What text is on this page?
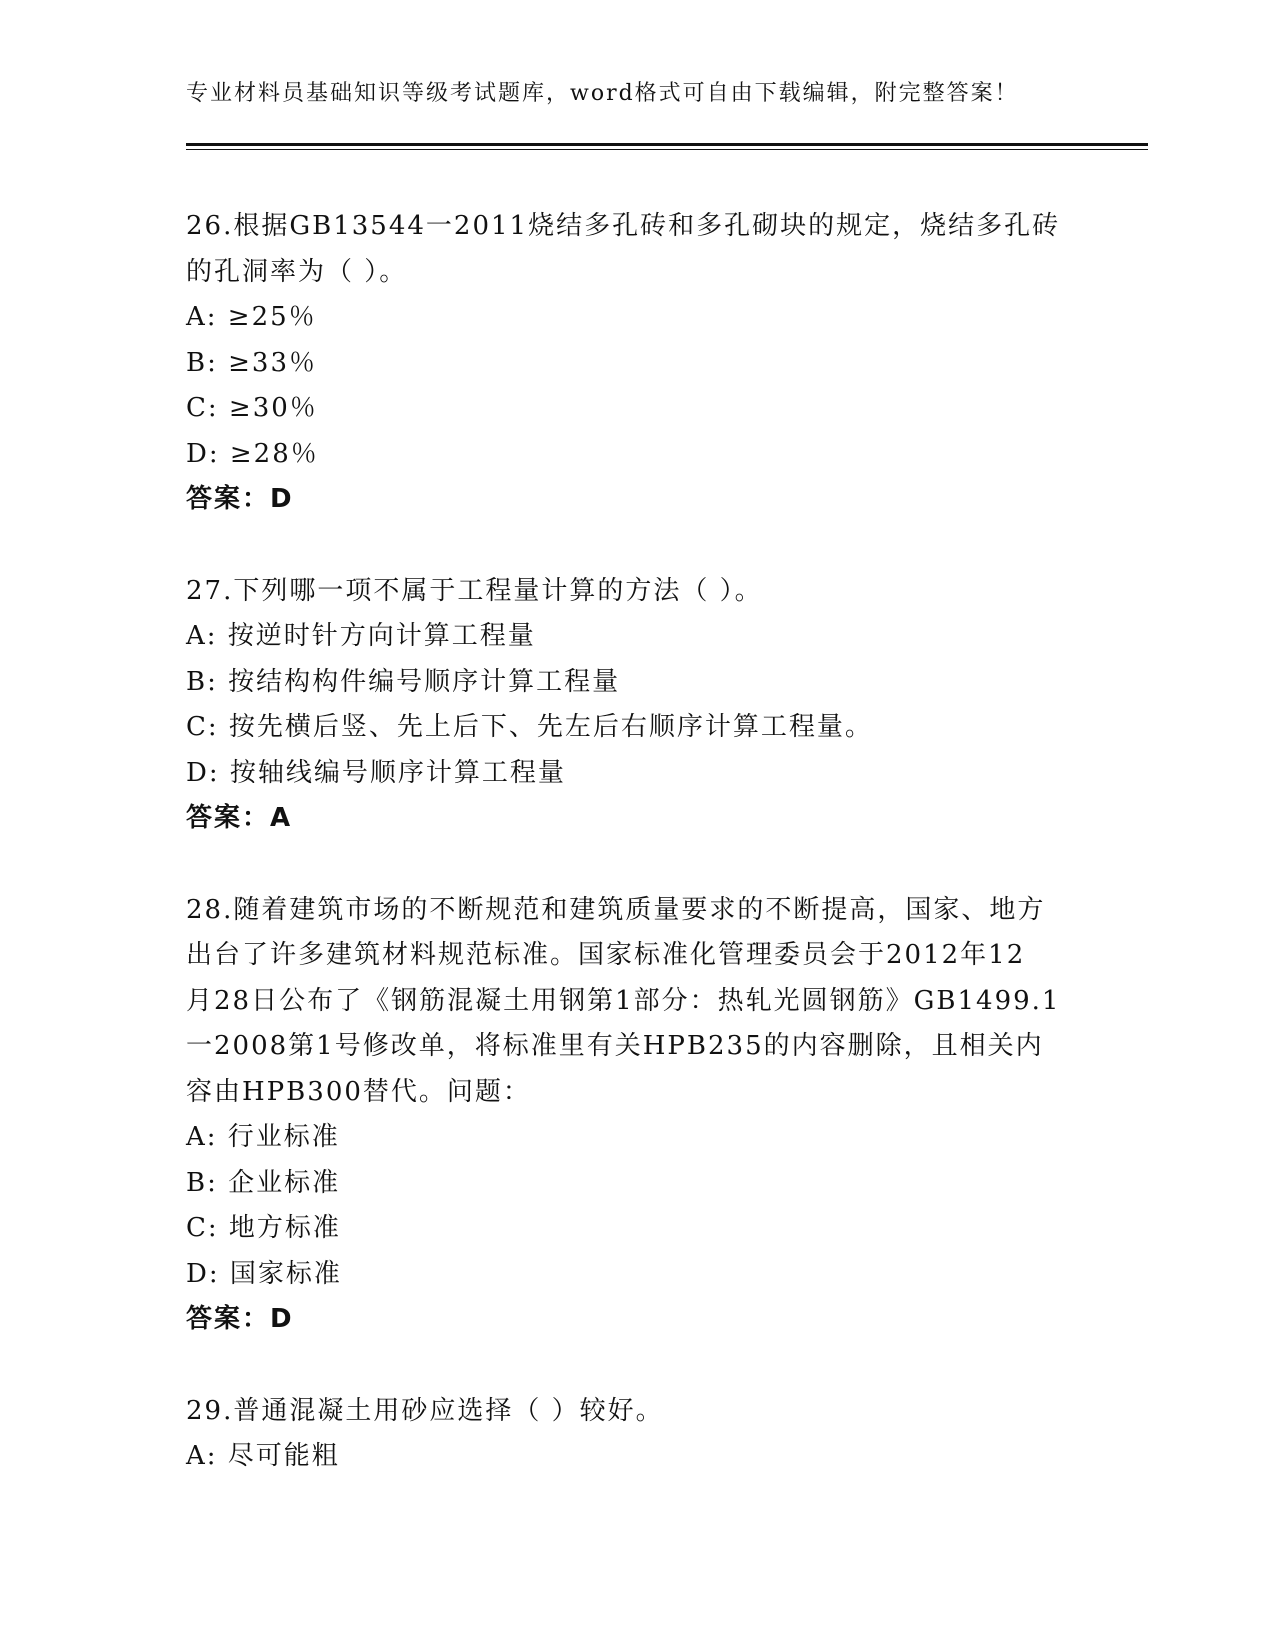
专业材料员基础知识等级考试题库，word格式可自由下载编辑，附完整答案！
26.根据GB13544一2011烧结多孔砖和多孔砌块的规定，烧结多孔砖
的孔洞率为（ ）。
A: ≥25％
B: ≥33％
C: ≥30％
D: ≥28％
答案：D
27.下列哪一项不属于工程量计算的方法（ ）。
A: 按逆时针方向计算工程量
B: 按结构构件编号顺序计算工程量
C: 按先横后竖、先上后下、先左后右顺序计算工程量。
D: 按轴线编号顺序计算工程量
答案：A
28.随着建筑市场的不断规范和建筑质量要求的不断提高，国家、地方
出台了许多建筑材料规范标准。国家标准化管理委员会于2012年12
月28日公布了《钢筋混凝土用钢第1部分：热轧光圆钢筋》GB1499.1
一2008第1号修改单，将标准里有关HPB235的内容删除，且相关内
容由HPB300替代。问题：
A: 行业标准
B: 企业标准
C: 地方标准
D: 国家标准
答案：D
29.普通混凝土用砂应选择（ ）较好。
A: 尽可能粗
